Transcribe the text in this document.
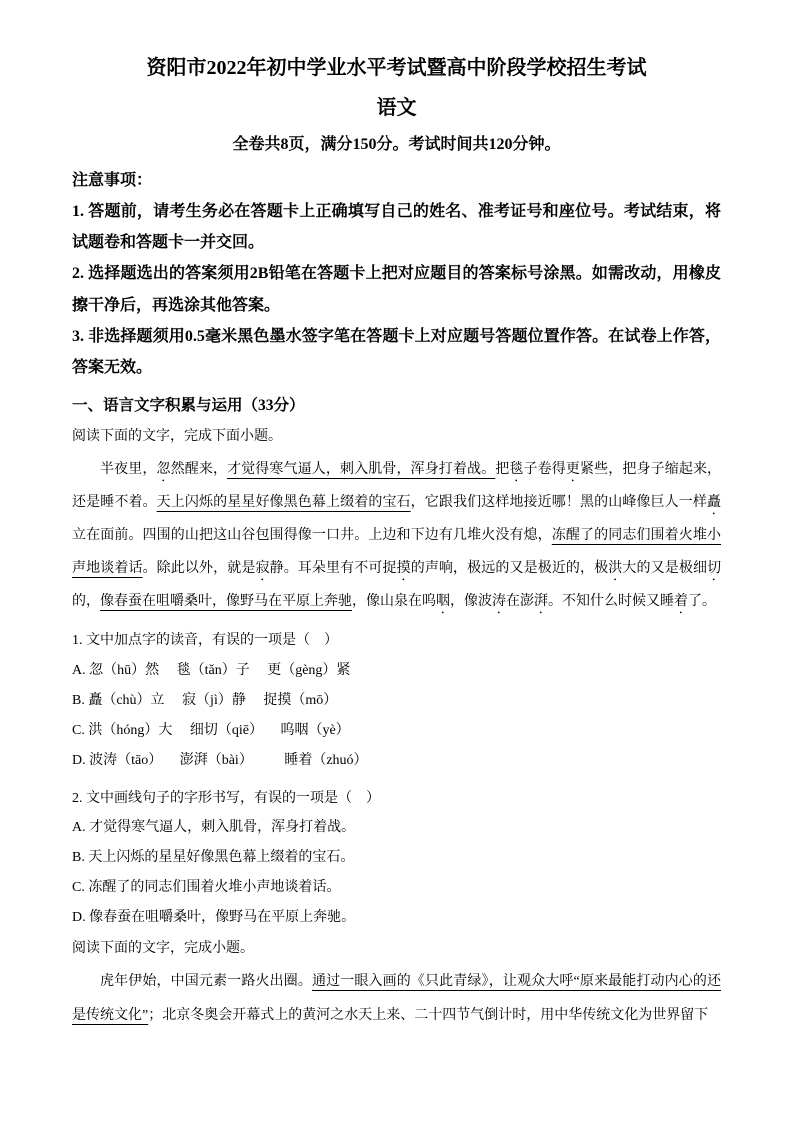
资阳市2022年初中学业水平考试暨高中阶段学校招生考试
语文

全卷共8页，满分150分。考试时间共120分钟。

注意事项：

1. 答题前，请考生务必在答题卡上正确填写自己的姓名、准考证号和座位号。考试结束，将试题卷和答题卡一并交回。

2. 选择题选出的答案须用2B铅笔在答题卡上把对应题目的答案标号涂黑。如需改动，用橡皮擦干净后，再选涂其他答案。

3. 非选择题须用0.5毫米黑色墨水签字笔在答题卡上对应题号答题位置作答。在试卷上作答，答案无效。

一、语言文字积累与运用（33分）

阅读下面的文字，完成下面小题。

半夜里，忽然醒来，才觉得寒气逼人，刺入肌骨，浑身打着战。把毯子卷得更紧些，把身子缩起来，还是睡不着。天上闪烁的星星好像黑色幕上缀着的宝石，它跟我们这样地接近哪！黑的山峰像巨人一样矗立在面前。四围的山把这山谷包围得像一口井。上边和下边有几堆火没有熄，冻醒了的同志们围着火堆小声地谈着话。除此以外，就是寂静。耳朵里有不可捉摸的声响，极远的又是极近的，极洪大的又是极细切的，像春蚕在咀嚼桑叶，像野马在平原上奔驰，像山泉在呜咽，像波涛在澎湃。不知什么时候又睡着了。

1. 文中加点字的读音，有误的一项是（　）

A. 忽（hū）然　 毯（tǎn）子 　更（gèng）紧

B. 矗（chù）立 　寂（jì）静　 捉摸（mō）

C. 洪（hóng）大 　细切（qiē） 　呜咽（yè）

D. 波涛（tāo） 　澎湃（bài） 　　睡着（zhuó）

2. 文中画线句子的字形书写，有误的一项是（　）

A. 才觉得寒气逼人，刺入肌骨，浑身打着战。

B. 天上闪烁的星星好像黑色幕上缀着的宝石。

C. 冻醒了的同志们围着火堆小声地谈着话。

D. 像春蚕在咀嚼桑叶，像野马在平原上奔驰。

阅读下面的文字，完成小题。

虎年伊始，中国元素一路火出圈。通过一眼入画的《只此青绿》，让观众大呼“原来最能打动内心的还是传统文化”；北京冬奥会开幕式上的黄河之水天上来、二十四节气倒计时，用中华传统文化为世界留下
